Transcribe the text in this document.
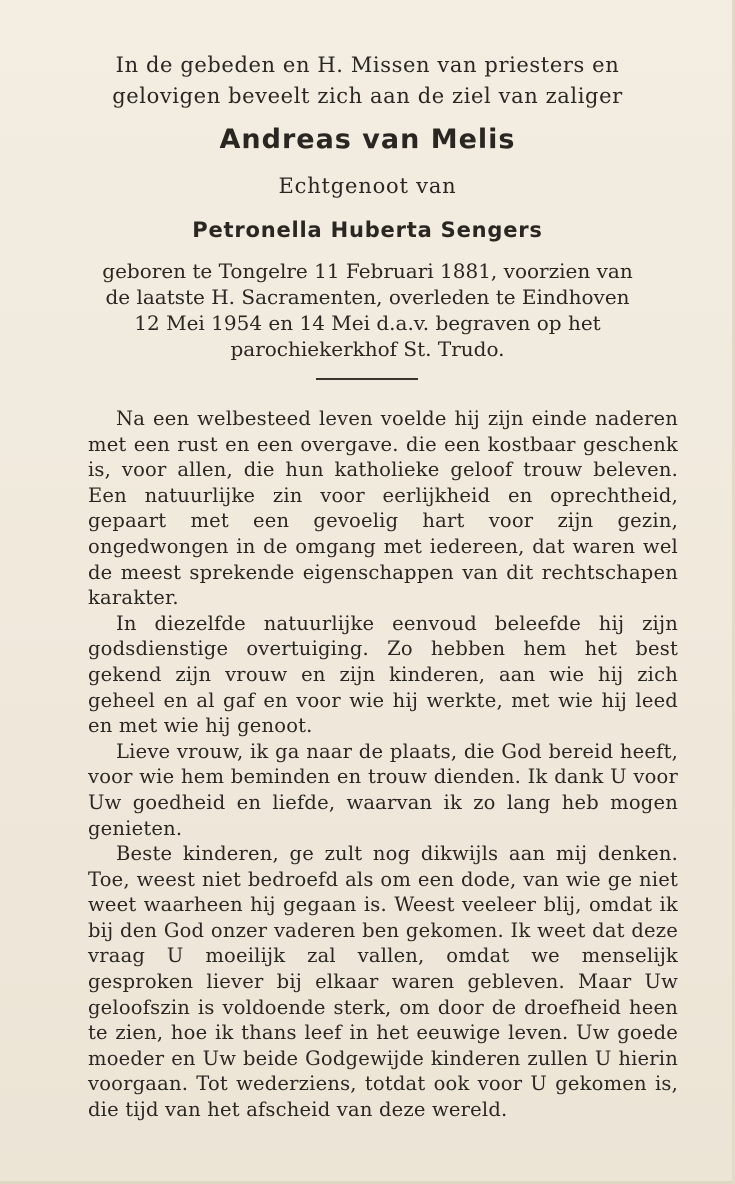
In de gebeden en H. Missen van priesters en
gelovigen beveelt zich aan de ziel van zaliger
Andreas van Melis
Echtgenoot van
Petronella Huberta Sengers
geboren te Tongelre 11 Februari 1881, voorzien van
de laatste H. Sacramenten, overleden te Eindhoven
12 Mei 1954 en 14 Mei d.a.v. begraven op het
parochiekerkhof St. Trudo.

Na een welbesteed leven voelde hij zijn einde naderen met een rust en een overgave. die een kostbaar geschenk is, voor allen, die hun katholieke geloof trouw beleven. Een natuurlijke zin voor eerlijkheid en oprechtheid, gepaart met een gevoelig hart voor zijn gezin, ongedwongen in de omgang met iedereen, dat waren wel de meest sprekende eigenschappen van dit rechtschapen karakter.

In diezelfde natuurlijke eenvoud beleefde hij zijn godsdienstige overtuiging. Zo hebben hem het best gekend zijn vrouw en zijn kinderen, aan wie hij zich geheel en al gaf en voor wie hij werkte, met wie hij leed en met wie hij genoot.

Lieve vrouw, ik ga naar de plaats, die God bereid heeft, voor wie hem beminden en trouw dienden. Ik dank U voor Uw goedheid en liefde, waarvan ik zo lang heb mogen genieten.

Beste kinderen, ge zult nog dikwijls aan mij denken. Toe, weest niet bedroefd als om een dode, van wie ge niet weet waarheen hij gegaan is. Weest veeleer blij, omdat ik bij den God onzer vaderen ben gekomen. Ik weet dat deze vraag U moeilijk zal vallen, omdat we menselijk gesproken liever bij elkaar waren gebleven. Maar Uw geloofszin is voldoende sterk, om door de droefheid heen te zien, hoe ik thans leef in het eeuwige leven. Uw goede moeder en Uw beide Godgewijde kinderen zullen U hierin voorgaan. Tot wederziens, totdat ook voor U gekomen is, die tijd van het afscheid van deze wereld.
